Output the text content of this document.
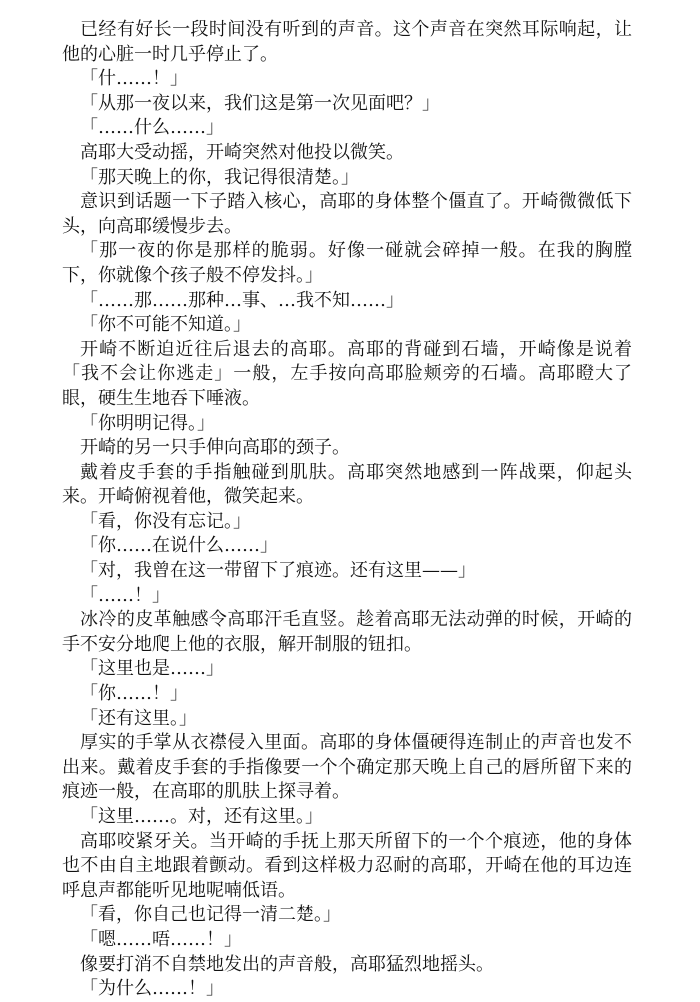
已经有好长一段时间没有听到的声音。这个声音在突然耳际响起，让他的心脏一时几乎停止了。

「什……！」

「从那一夜以来，我们这是第一次见面吧？」

「……什么……」

高耶大受动摇，开崎突然对他投以微笑。

「那天晚上的你，我记得很清楚。」

意识到话题一下子踏入核心，高耶的身体整个僵直了。开崎微微低下头，向高耶缓慢步去。

「那一夜的你是那样的脆弱。好像一碰就会碎掉一般。在我的胸膛下，你就像个孩子般不停发抖。」

「……那……那种…事、…我不知……」

「你不可能不知道。」

开崎不断迫近往后退去的高耶。高耶的背碰到石墙，开崎像是说着「我不会让你逃走」一般，左手按向高耶脸颊旁的石墙。高耶瞪大了眼，硬生生地吞下唾液。

「你明明记得。」

开崎的另一只手伸向高耶的颈子。

戴着皮手套的手指触碰到肌肤。高耶突然地感到一阵战栗，仰起头来。开崎俯视着他，微笑起来。

「看，你没有忘记。」

「你……在说什么……」

「对，我曾在这一带留下了痕迹。还有这里——」

「……！」

冰冷的皮革触感令高耶汗毛直竖。趁着高耶无法动弹的时候，开崎的手不安分地爬上他的衣服，解开制服的钮扣。

「这里也是……」

「你……！」

「还有这里。」

厚实的手掌从衣襟侵入里面。高耶的身体僵硬得连制止的声音也发不出来。戴着皮手套的手指像要一个个确定那天晚上自己的唇所留下来的痕迹一般，在高耶的肌肤上探寻着。

「这里……。对，还有这里。」

高耶咬紧牙关。当开崎的手抚上那天所留下的一个个痕迹，他的身体也不由自主地跟着颤动。看到这样极力忍耐的高耶，开崎在他的耳边连呼息声都能听见地呢喃低语。

「看，你自己也记得一清二楚。」

「嗯……唔……！」

像要打消不自禁地发出的声音般，高耶猛烈地摇头。

「为什么……！」
